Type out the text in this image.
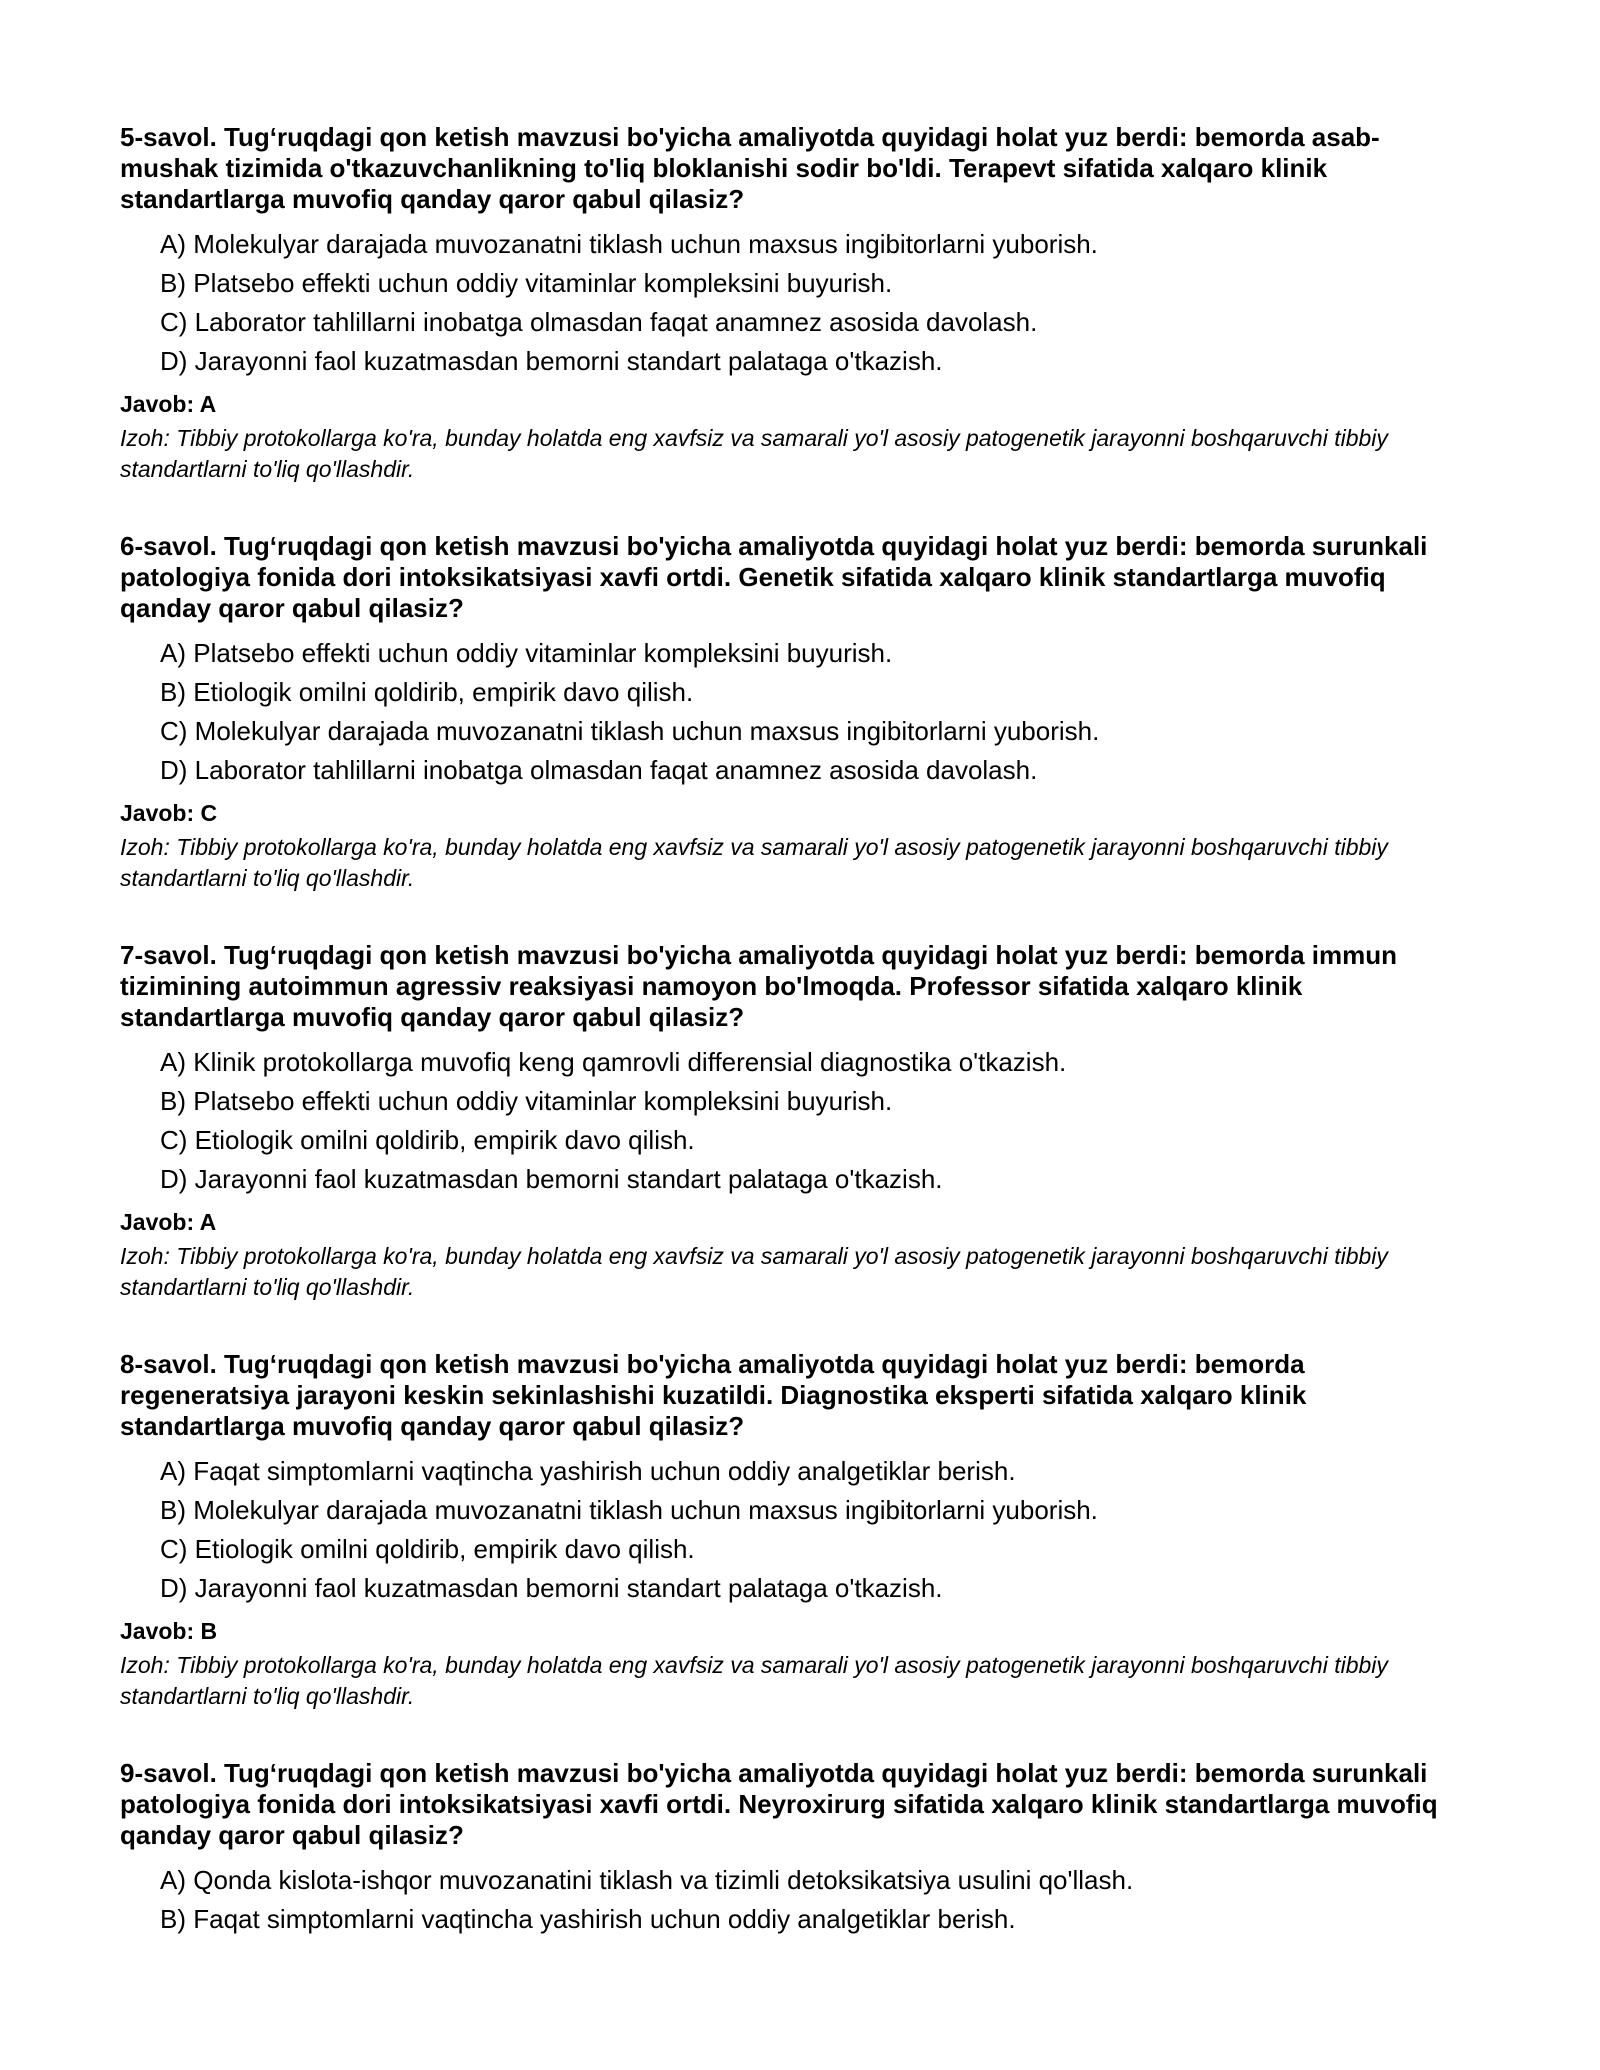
5-savol. Tug‘ruqdagi qon ketish mavzusi bo'yicha amaliyotda quyidagi holat yuz berdi: bemorda asab-mushak tizimida o'tkazuvchanlikning to'liq bloklanishi sodir bo'ldi. Terapevt sifatida xalqaro klinik standartlarga muvofiq qanday qaror qabul qilasiz?

A) Molekulyar darajada muvozanatni tiklash uchun maxsus ingibitorlarni yuborish.
B) Platsebo effekti uchun oddiy vitaminlar kompleksini buyurish.
C) Laborator tahlillarni inobatga olmasdan faqat anamnez asosida davolash.
D) Jarayonni faol kuzatmasdan bemorni standart palataga o'tkazish.

Javob: A

Izoh: Tibbiy protokollarga ko'ra, bunday holatda eng xavfsiz va samarali yo'l asosiy patogenetik jarayonni boshqaruvchi tibbiy standartlarni to'liq qo'llashdir.

6-savol. Tug‘ruqdagi qon ketish mavzusi bo'yicha amaliyotda quyidagi holat yuz berdi: bemorda surunkali patologiya fonida dori intoksikatsiyasi xavfi ortdi. Genetik sifatida xalqaro klinik standartlarga muvofiq qanday qaror qabul qilasiz?

A) Platsebo effekti uchun oddiy vitaminlar kompleksini buyurish.
B) Etiologik omilni qoldirib, empirik davo qilish.
C) Molekulyar darajada muvozanatni tiklash uchun maxsus ingibitorlarni yuborish.
D) Laborator tahlillarni inobatga olmasdan faqat anamnez asosida davolash.

Javob: C

Izoh: Tibbiy protokollarga ko'ra, bunday holatda eng xavfsiz va samarali yo'l asosiy patogenetik jarayonni boshqaruvchi tibbiy standartlarni to'liq qo'llashdir.

7-savol. Tug‘ruqdagi qon ketish mavzusi bo'yicha amaliyotda quyidagi holat yuz berdi: bemorda immun tizimining autoimmun agressiv reaksiyasi namoyon bo'lmoqda. Professor sifatida xalqaro klinik standartlarga muvofiq qanday qaror qabul qilasiz?

A) Klinik protokollarga muvofiq keng qamrovli differensial diagnostika o'tkazish.
B) Platsebo effekti uchun oddiy vitaminlar kompleksini buyurish.
C) Etiologik omilni qoldirib, empirik davo qilish.
D) Jarayonni faol kuzatmasdan bemorni standart palataga o'tkazish.

Javob: A

Izoh: Tibbiy protokollarga ko'ra, bunday holatda eng xavfsiz va samarali yo'l asosiy patogenetik jarayonni boshqaruvchi tibbiy standartlarni to'liq qo'llashdir.

8-savol. Tug‘ruqdagi qon ketish mavzusi bo'yicha amaliyotda quyidagi holat yuz berdi: bemorda regeneratsiya jarayoni keskin sekinlashishi kuzatildi. Diagnostika eksperti sifatida xalqaro klinik standartlarga muvofiq qanday qaror qabul qilasiz?

A) Faqat simptomlarni vaqtincha yashirish uchun oddiy analgetiklar berish.
B) Molekulyar darajada muvozanatni tiklash uchun maxsus ingibitorlarni yuborish.
C) Etiologik omilni qoldirib, empirik davo qilish.
D) Jarayonni faol kuzatmasdan bemorni standart palataga o'tkazish.

Javob: B

Izoh: Tibbiy protokollarga ko'ra, bunday holatda eng xavfsiz va samarali yo'l asosiy patogenetik jarayonni boshqaruvchi tibbiy standartlarni to'liq qo'llashdir.

9-savol. Tug‘ruqdagi qon ketish mavzusi bo'yicha amaliyotda quyidagi holat yuz berdi: bemorda surunkali patologiya fonida dori intoksikatsiyasi xavfi ortdi. Neyroxirurg sifatida xalqaro klinik standartlarga muvofiq qanday qaror qabul qilasiz?

A) Qonda kislota-ishqor muvozanatini tiklash va tizimli detoksikatsiya usulini qo'llash.
B) Faqat simptomlarni vaqtincha yashirish uchun oddiy analgetiklar berish.
